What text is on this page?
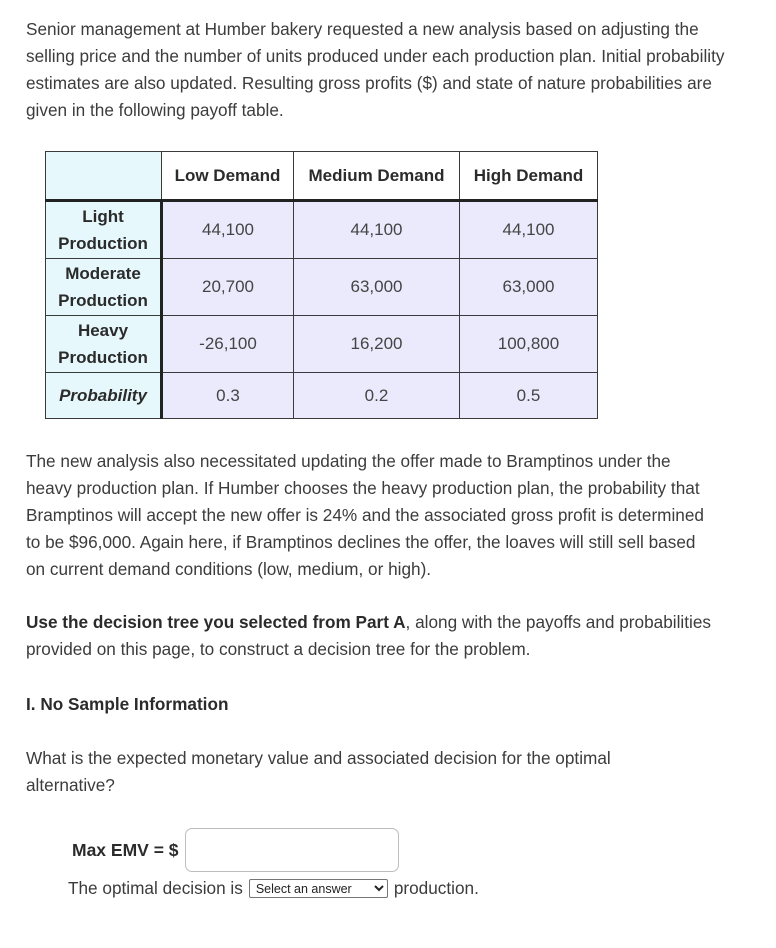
Senior management at Humber bakery requested a new analysis based on adjusting the selling price and the number of units produced under each production plan. Initial probability estimates are also updated. Resulting gross profits ($) and state of nature probabilities are given in the following payoff table.

	Low Demand	Medium Demand	High Demand
Light Production	44,100	44,100	44,100
Moderate Production	20,700	63,000	63,000
Heavy Production	-26,100	16,200	100,800
Probability	0.3	0.2	0.5

The new analysis also necessitated updating the offer made to Bramptinos under the heavy production plan. If Humber chooses the heavy production plan, the probability that Bramptinos will accept the new offer is 24% and the associated gross profit is determined to be $96,000. Again here, if Bramptinos declines the offer, the loaves will still sell based on current demand conditions (low, medium, or high).

Use the decision tree you selected from Part A, along with the payoffs and probabilities provided on this page, to construct a decision tree for the problem.

I. No Sample Information

What is the expected monetary value and associated decision for the optimal alternative?

Max EMV = $
The optimal decision is
Select an answer	production.
